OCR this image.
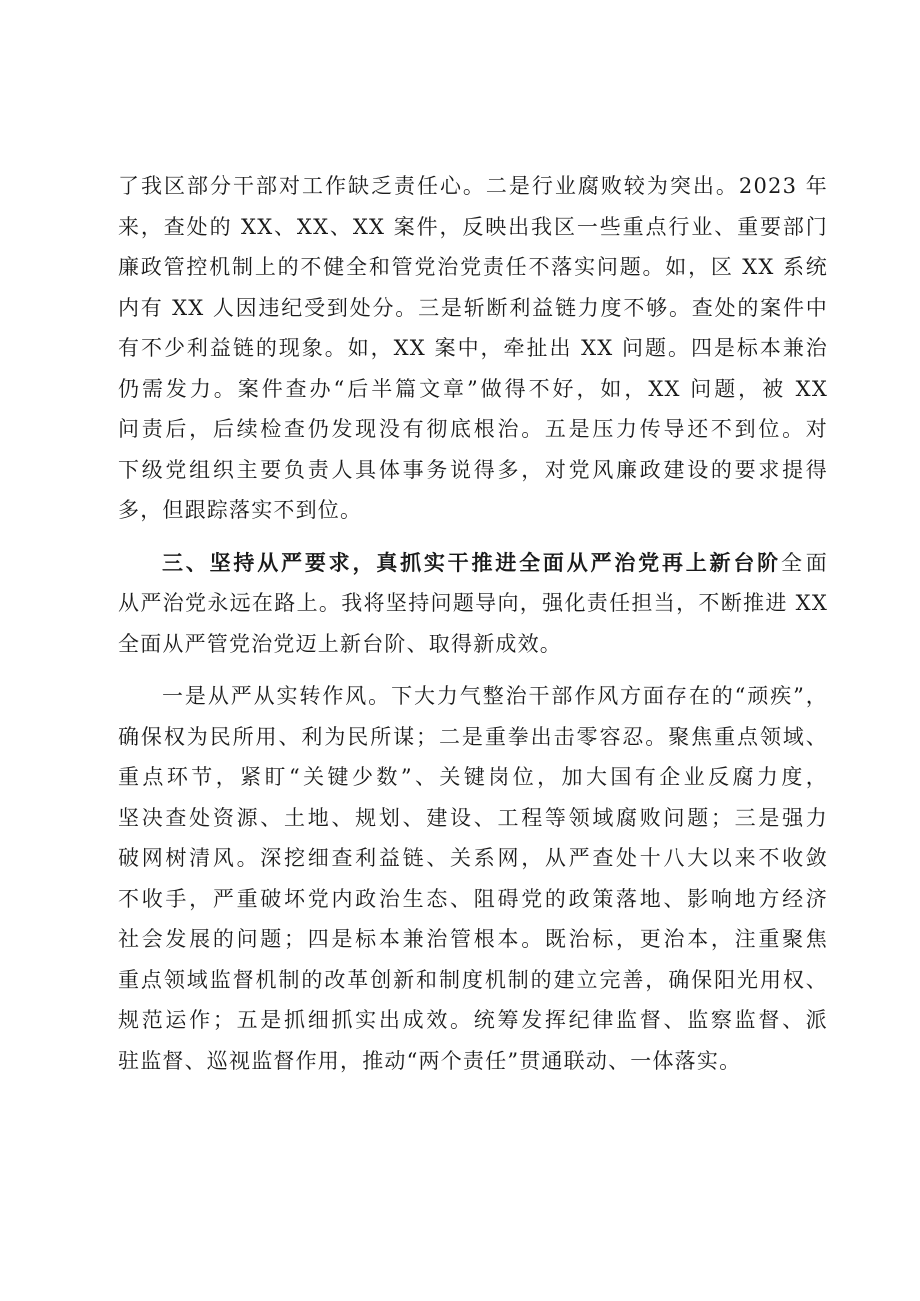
了我区部分干部对工作缺乏责任心。二是行业腐败较为突出。2023 年
来，查处的 XX、XX、XX 案件，反映出我区一些重点行业、重要部门
廉政管控机制上的不健全和管党治党责任不落实问题。如，区 XX 系统
内有 XX 人因违纪受到处分。三是斩断利益链力度不够。查处的案件中
有不少利益链的现象。如，XX 案中，牵扯出 XX 问题。四是标本兼治
仍需发力。案件查办“后半篇文章”做得不好，如，XX 问题，被 XX
问责后，后续检查仍发现没有彻底根治。五是压力传导还不到位。对
下级党组织主要负责人具体事务说得多，对党风廉政建设的要求提得
多，但跟踪落实不到位。
三、坚持从严要求，真抓实干推进全面从严治党再上新台阶全面
从严治党永远在路上。我将坚持问题导向，强化责任担当，不断推进 XX
全面从严管党治党迈上新台阶、取得新成效。
一是从严从实转作风。下大力气整治干部作风方面存在的“顽疾”，
确保权为民所用、利为民所谋；二是重拳出击零容忍。聚焦重点领域、
重点环节，紧盯“关键少数”、关键岗位，加大国有企业反腐力度，
坚决查处资源、土地、规划、建设、工程等领域腐败问题；三是强力
破网树清风。深挖细查利益链、关系网，从严查处十八大以来不收敛
不收手，严重破坏党内政治生态、阻碍党的政策落地、影响地方经济
社会发展的问题；四是标本兼治管根本。既治标，更治本，注重聚焦
重点领域监督机制的改革创新和制度机制的建立完善，确保阳光用权、
规范运作；五是抓细抓实出成效。统筹发挥纪律监督、监察监督、派
驻监督、巡视监督作用，推动“两个责任”贯通联动、一体落实。
